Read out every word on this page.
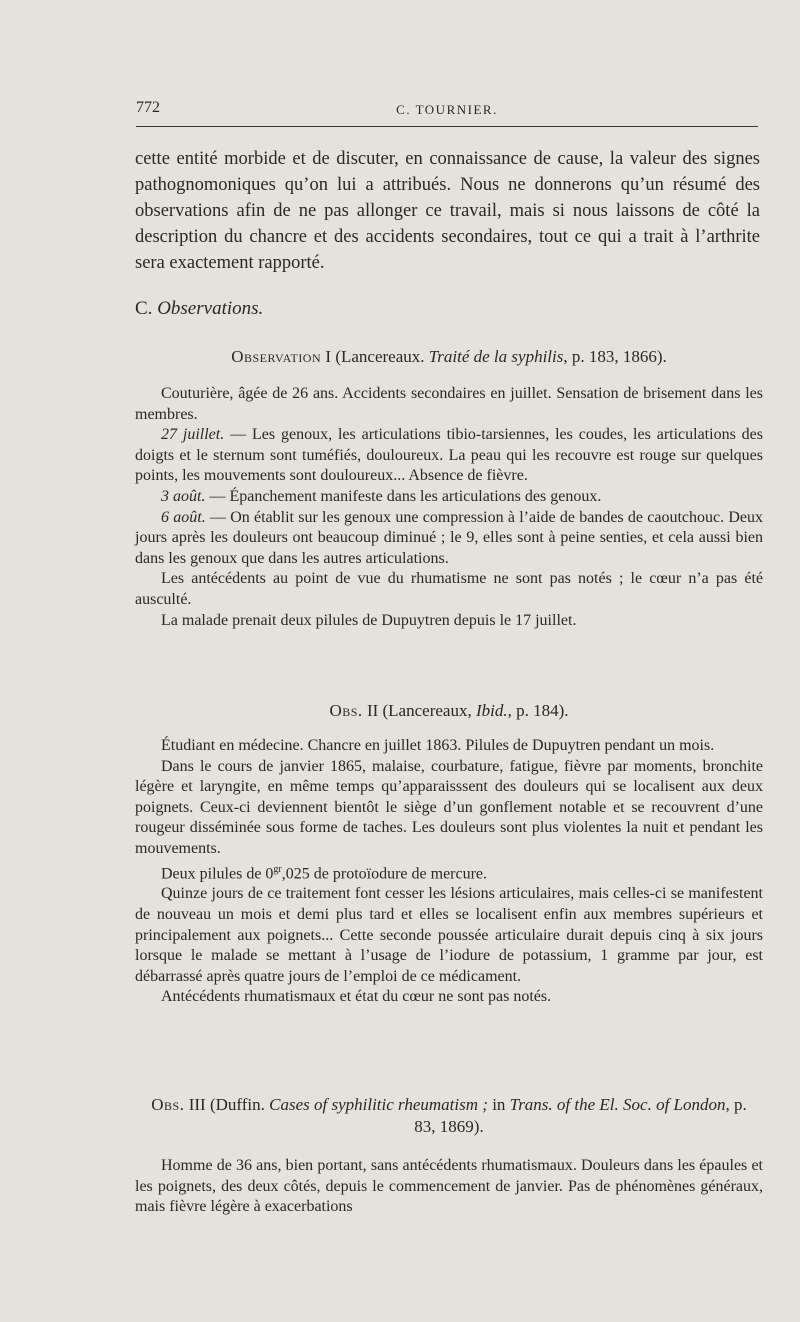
772	C. TOURNIER.

cette entité morbide et de discuter, en connaissance de cause, la valeur des signes pathognomoniques qu’on lui a attribués. Nous ne donnerons qu’un résumé des observations afin de ne pas allonger ce travail, mais si nous laissons de côté la description du chancre et des accidents secondaires, tout ce qui a trait à l’arthrite sera exactement rapporté.

C. Observations.
Observation I (Lancereaux. Traité de la syphilis, p. 183, 1866).

Couturière, âgée de 26 ans. Accidents secondaires en juillet. Sensation de brisement dans les membres.

27 juillet. — Les genoux, les articulations tibio-tarsiennes, les coudes, les articulations des doigts et le sternum sont tuméfiés, douloureux. La peau qui les recouvre est rouge sur quelques points, les mouvements sont douloureux... Absence de fièvre.

3 août. — Épanchement manifeste dans les articulations des genoux.

6 août. — On établit sur les genoux une compression à l’aide de bandes de caoutchouc. Deux jours après les douleurs ont beaucoup diminué ; le 9, elles sont à peine senties, et cela aussi bien dans les genoux que dans les autres articulations.

Les antécédents au point de vue du rhumatisme ne sont pas notés ; le cœur n’a pas été ausculté.

La malade prenait deux pilules de Dupuytren depuis le 17 juillet.

Obs. II (Lancereaux, Ibid., p. 184).

Étudiant en médecine. Chancre en juillet 1863. Pilules de Dupuytren pendant un mois.

Dans le cours de janvier 1865, malaise, courbature, fatigue, fièvre par moments, bronchite légère et laryngite, en même temps qu’apparaisssent des douleurs qui se localisent aux deux poignets. Ceux-ci deviennent bientôt le siège d’un gonflement notable et se recouvrent d’une rougeur disséminée sous forme de taches. Les douleurs sont plus violentes la nuit et pendant les mouvements.

Deux pilules de $0^{gr},025$ de protoïodure de mercure.

Quinze jours de ce traitement font cesser les lésions articulaires, mais celles-ci se manifestent de nouveau un mois et demi plus tard et elles se localisent enfin aux membres supérieurs et principalement aux poignets... Cette seconde poussée articulaire durait depuis cinq à six jours lorsque le malade se mettant à l’usage de l’iodure de potassium, 1 gramme par jour, est débarrassé après quatre jours de l’emploi de ce médicament.

Antécédents rhumatismaux et état du cœur ne sont pas notés.

Obs. III (Duffin. Cases of syphilitic rheumatism ; in Trans. of the El. Soc. of London, p. 83, 1869).

Homme de 36 ans, bien portant, sans antécédents rhumatismaux. Douleurs dans les épaules et les poignets, des deux côtés, depuis le commencement de janvier. Pas de phénomènes généraux, mais fièvre légère à exacerbations
